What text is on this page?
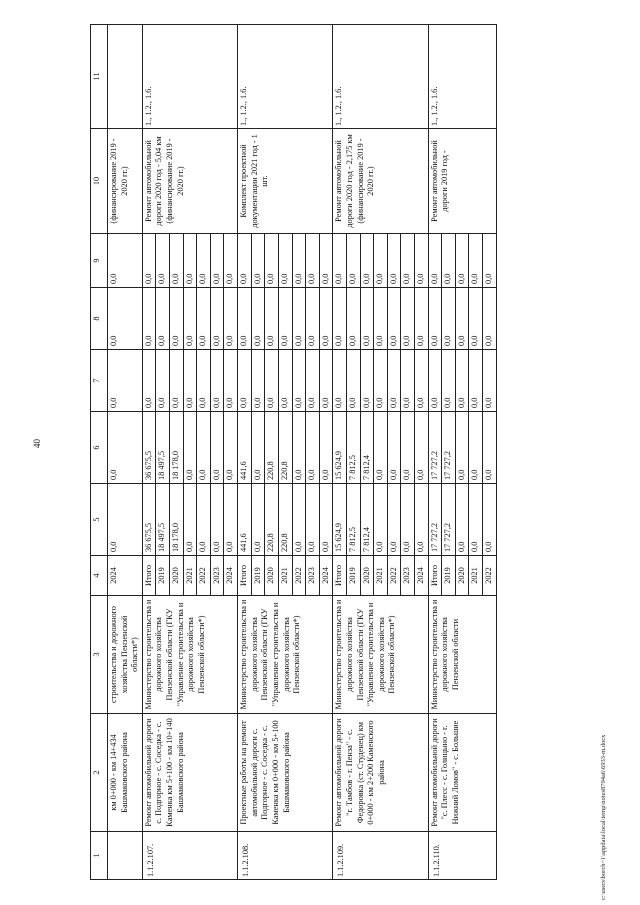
40
c:\users\borch~1\appdata\local\temp\notes8794a6\6933-m.docx
1	2	3	4	5	6	7	8	9	10	11
	км 0+000 - км 14+434 Башмаковского района	строительства и дорожного хозяйства Пензенской области*)	2024	0,0	0,0	0,0	0,0	0,0	(финансирование 2019 - 2020 гг.)	
1.1.2.107.	Ремонт автомобильной дороги с. Подгорное - с. Соседка - с. Каменка км 5+100 - км 10+140 Башмаковского района	Министерство строительства и дорожного хозяйства Пензенской области (ГКУ "Управление строительства и дорожного хозяйства Пензенской области*)	Итого	36 675,5	36 675,5	0,0	0,0	0,0	Ремонт автомобильной дороги 2020 год - 5,04 км (финансирование 2019 - 2020 гг.)	1., 1.2., 1.6.
			2019	18 497,5	18 497,5	0,0	0,0	0,0		
			2020	18 178,0	18 178,0	0,0	0,0	0,0		
			2021	0,0	0,0	0,0	0,0	0,0		
			2022	0,0	0,0	0,0	0,0	0,0		
			2023	0,0	0,0	0,0	0,0	0,0		
			2024	0,0	0,0	0,0	0,0	0,0		
1.1.2.108.	Проектные работы на ремонт автомобильной дороги с. Подгорное - с. Соседка - с. Каменка км 0+000 - км 5+100 Башмаковского района	Министерство строительства и дорожного хозяйства Пензенской области (ГКУ "Управление строительства и дорожного хозяйства Пензенской области*)	Итого	441,6	441,6	0,0	0,0	0,0	Комплект проектной документации 2021 год - 1 шт.	1., 1.2., 1.6.
			2019	0,0	0,0	0,0	0,0	0,0		
			2020	220,8	220,8	0,0	0,0	0,0		
			2021	220,8	220,8	0,0	0,0	0,0		
			2022	0,0	0,0	0,0	0,0	0,0		
			2023	0,0	0,0	0,0	0,0	0,0		
			2024	0,0	0,0	0,0	0,0	0,0		
1.1.2.109.	Ремонт автомобильной дороги "г. Тамбов - г. Пенза" - с. Федоровка (ст. Студенец) км 0+000 - км 2+200 Каменского района	Министерство строительства и дорожного хозяйства Пензенской области (ГКУ "Управление строительства и дорожного хозяйства Пензенской области*)	Итого	15 624,9	15 624,9	0,0	0,0	0,0	Ремонт автомобильной дороги 2020 год - 2,175 км (финансирование 2019 - 2020 гг.)	1., 1.2., 1.6.
			2019	7 812,5	7 812,5	0,0	0,0	0,0		
			2020	7 812,4	7 812,4	0,0	0,0	0,0		
			2021	0,0	0,0	0,0	0,0	0,0		
			2022	0,0	0,0	0,0	0,0	0,0		
			2023	0,0	0,0	0,0	0,0	0,0		
			2024	0,0	0,0	0,0	0,0	0,0		
1.1.2.110.	Ремонт автомобильной дороги "с. Плесс - с. Голицыно - г. Нижний Ломов" - с. Большие	Министерство строительства и дорожного хозяйства Пензенской области	Итого	17 727,2	17 727,2	0,0	0,0	0,0	Ремонт автомобильной дороги 2019 год -	1., 1.2., 1.6.
			2019	17 727,2	17 727,2	0,0	0,0	0,0		
			2020	0,0	0,0	0,0	0,0	0,0		
			2021	0,0	0,0	0,0	0,0	0,0		
			2022	0,0	0,0	0,0	0,0	0,0		
